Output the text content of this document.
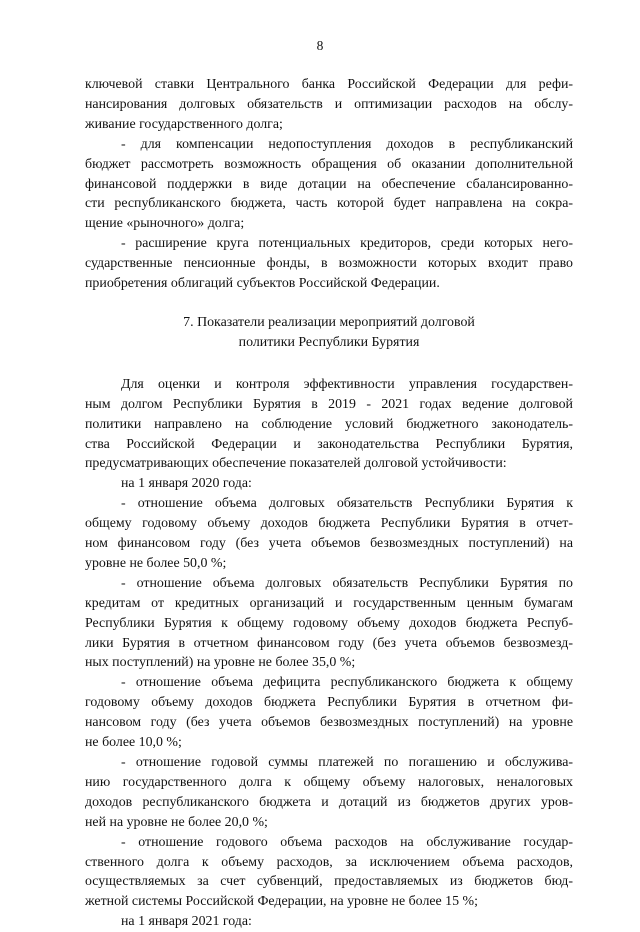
8

ключевой ставки Центрального банка Российской Федерации для рефи-

нансирования долговых обязательств и оптимизации расходов на обслу-

живание государственного долга;

- для компенсации недопоступления доходов в республиканский

бюджет рассмотреть возможность обращения об оказании дополнительной

финансовой поддержки в виде дотации на обеспечение сбалансированно-

сти республиканского бюджета, часть которой будет направлена на сокра-

щение «рыночного» долга;

- расширение круга потенциальных кредиторов, среди которых него-

сударственные пенсионные фонды, в возможности которых входит право

приобретения облигаций субъектов Российской Федерации.

7. Показатели реализации мероприятий долговой
политики Республики Бурятия

Для оценки и контроля эффективности управления государствен-

ным долгом Республики Бурятия в 2019 - 2021 годах ведение долговой

политики направлено на соблюдение условий бюджетного законодатель-

ства Российской Федерации и законодательства Республики Бурятия,

предусматривающих обеспечение показателей долговой устойчивости:

на 1 января 2020 года:

- отношение объема долговых обязательств Республики Бурятия к

общему годовому объему доходов бюджета Республики Бурятия в отчет-

ном финансовом году (без учета объемов безвозмездных поступлений) на

уровне не более 50,0 %;

- отношение объема долговых обязательств Республики Бурятия по

кредитам от кредитных организаций и государственным ценным бумагам

Республики Бурятия к общему годовому объему доходов бюджета Респуб-

лики Бурятия в отчетном финансовом году (без учета объемов безвозмезд-

ных поступлений) на уровне не более 35,0 %;

- отношение объема дефицита республиканского бюджета к общему

годовому объему доходов бюджета Республики Бурятия в отчетном фи-

нансовом году (без учета объемов безвозмездных поступлений) на уровне

не более 10,0 %;

- отношение годовой суммы платежей по погашению и обслужива-

нию государственного долга к общему объему налоговых, неналоговых

доходов республиканского бюджета и дотаций из бюджетов других уров-

ней на уровне не более 20,0 %;

- отношение годового объема расходов на обслуживание государ-

ственного долга к объему расходов, за исключением объема расходов,

осуществляемых за счет субвенций, предоставляемых из бюджетов бюд-

жетной системы Российской Федерации, на уровне не более 15 %;

на 1 января 2021 года:
